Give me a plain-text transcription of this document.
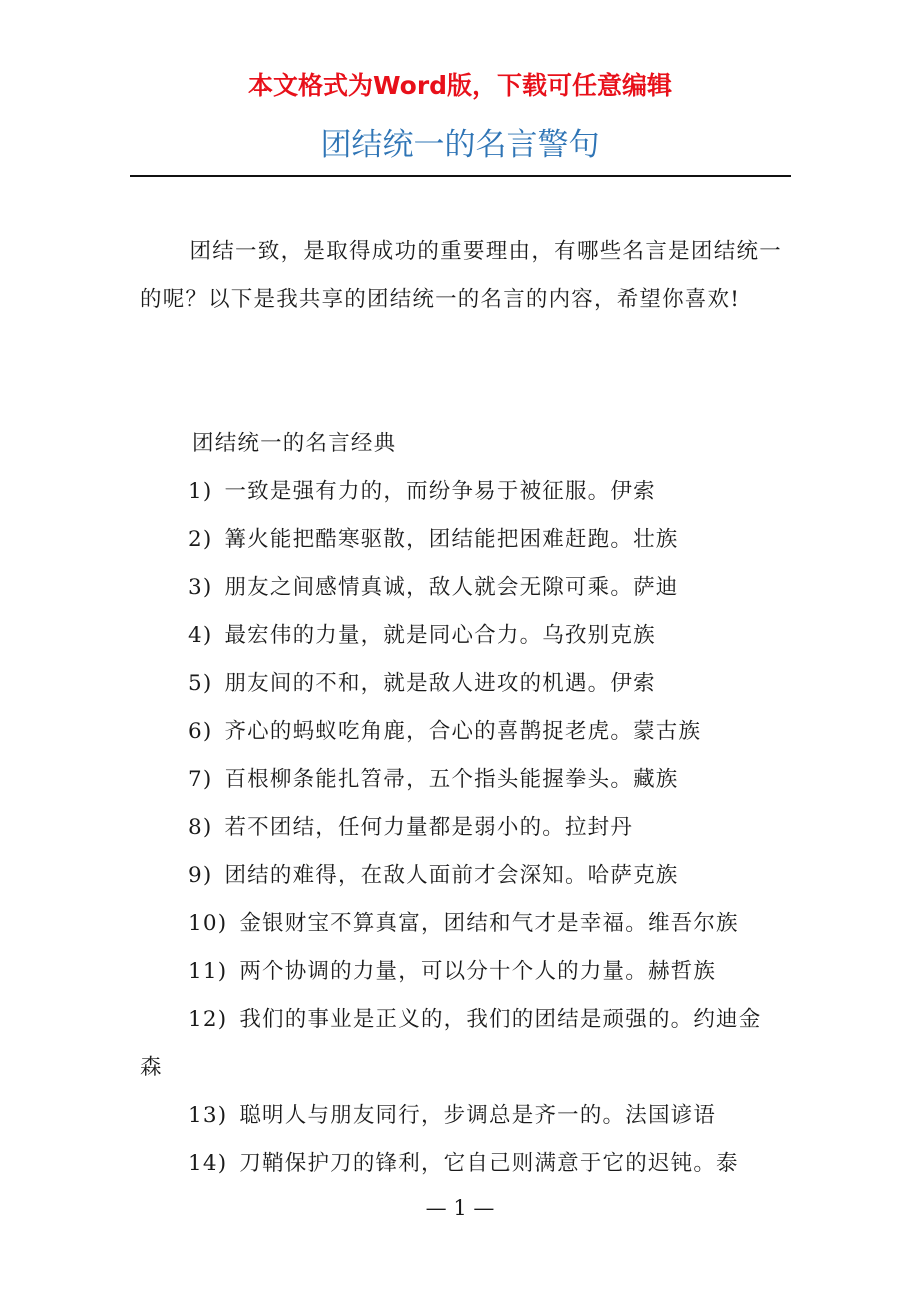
本文格式为Word版，下载可任意编辑
团结统一的名言警句

团结一致，是取得成功的重要理由，有哪些名言是团结统一的呢？以下是我共享的团结统一的名言的内容，希望你喜欢!

团结统一的名言经典
1) 一致是强有力的，而纷争易于被征服。伊索
2) 篝火能把酷寒驱散，团结能把困难赶跑。壮族
3) 朋友之间感情真诚，敌人就会无隙可乘。萨迪
4) 最宏伟的力量，就是同心合力。乌孜别克族
5) 朋友间的不和，就是敌人进攻的机遇。伊索
6) 齐心的蚂蚁吃角鹿，合心的喜鹊捉老虎。蒙古族
7) 百根柳条能扎笤帚，五个指头能握拳头。藏族
8) 若不团结，任何力量都是弱小的。拉封丹
9) 团结的难得，在敌人面前才会深知。哈萨克族
10) 金银财宝不算真富，团结和气才是幸福。维吾尔族
11) 两个协调的力量，可以分十个人的力量。赫哲族
12) 我们的事业是正义的，我们的团结是顽强的。约迪金森
13) 聪明人与朋友同行，步调总是齐一的。法国谚语
14) 刀鞘保护刀的锋利，它自己则满意于它的迟钝。泰
— 1 —
